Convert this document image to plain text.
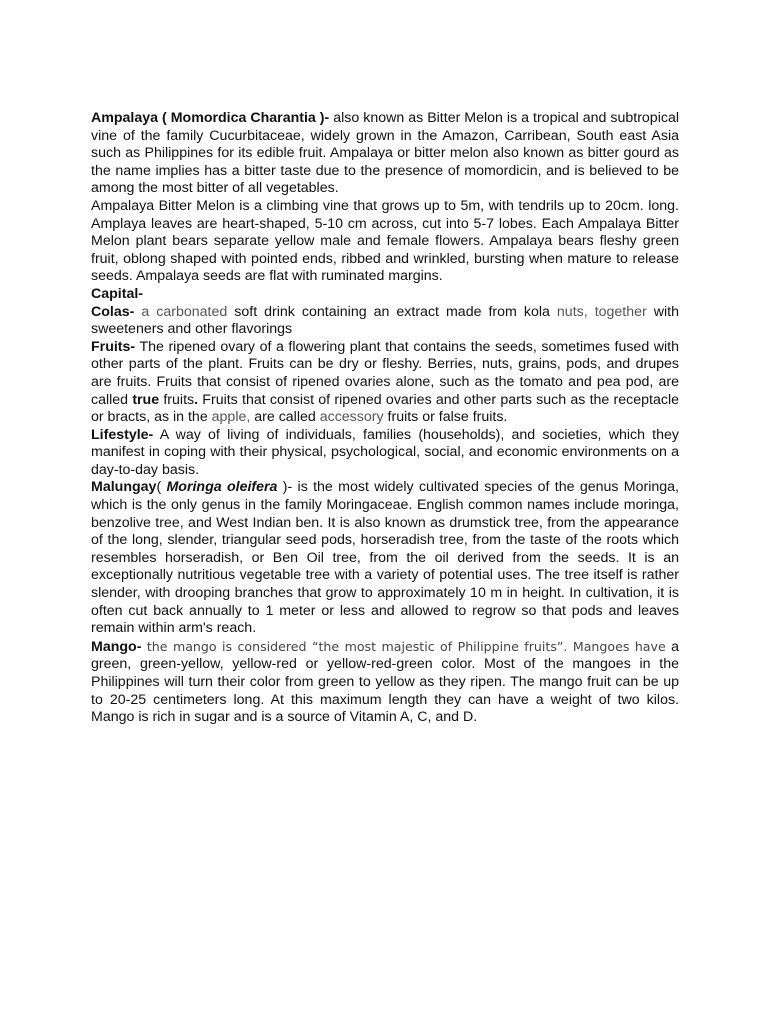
Ampalaya ( Momordica Charantia )- also known as Bitter Melon is a tropical and subtropical vine of the family Cucurbitaceae, widely grown in the Amazon, Carribean, South east Asia such as Philippines for its edible fruit. Ampalaya or bitter melon also known as bitter gourd as the name implies has a bitter taste due to the presence of momordicin, and is believed to be among the most bitter of all vegetables.

Ampalaya Bitter Melon is a climbing vine that grows up to 5m, with tendrils up to 20cm. long. Amplaya leaves are heart-shaped, 5-10 cm across, cut into 5-7 lobes. Each Ampalaya Bitter Melon plant bears separate yellow male and female flowers. Ampalaya bears fleshy green fruit, oblong shaped with pointed ends, ribbed and wrinkled, bursting when mature to release seeds. Ampalaya seeds are flat with ruminated margins.

Capital-

Colas- a carbonated soft drink containing an extract made from kola nuts, together with sweeteners and other flavorings

Fruits- The ripened ovary of a flowering plant that contains the seeds, sometimes fused with other parts of the plant. Fruits can be dry or fleshy. Berries, nuts, grains, pods, and drupes are fruits. Fruits that consist of ripened ovaries alone, such as the tomato and pea pod, are called true fruits. Fruits that consist of ripened ovaries and other parts such as the receptacle or bracts, as in the apple, are called accessory fruits or false fruits.

Lifestyle- A way of living of individuals, families (households), and societies, which they manifest in coping with their physical, psychological, social, and economic environments on a day-to-day basis.

Malungay( Moringa oleifera )- is the most widely cultivated species of the genus Moringa, which is the only genus in the family Moringaceae. English common names include moringa, benzolive tree, and West Indian ben. It is also known as drumstick tree, from the appearance of the long, slender, triangular seed pods, horseradish tree, from the taste of the roots which resembles horseradish, or Ben Oil tree, from the oil derived from the seeds. It is an exceptionally nutritious vegetable tree with a variety of potential uses. The tree itself is rather slender, with drooping branches that grow to approximately 10 m in height. In cultivation, it is often cut back annually to 1 meter or less and allowed to regrow so that pods and leaves remain within arm's reach.

Mango- the mango is considered “the most majestic of Philippine fruits”. Mangoes have a green, green-yellow, yellow-red or yellow-red-green color. Most of the mangoes in the Philippines will turn their color from green to yellow as they ripen. The mango fruit can be up to 20-25 centimeters long. At this maximum length they can have a weight of two kilos. Mango is rich in sugar and is a source of Vitamin A, C, and D.
